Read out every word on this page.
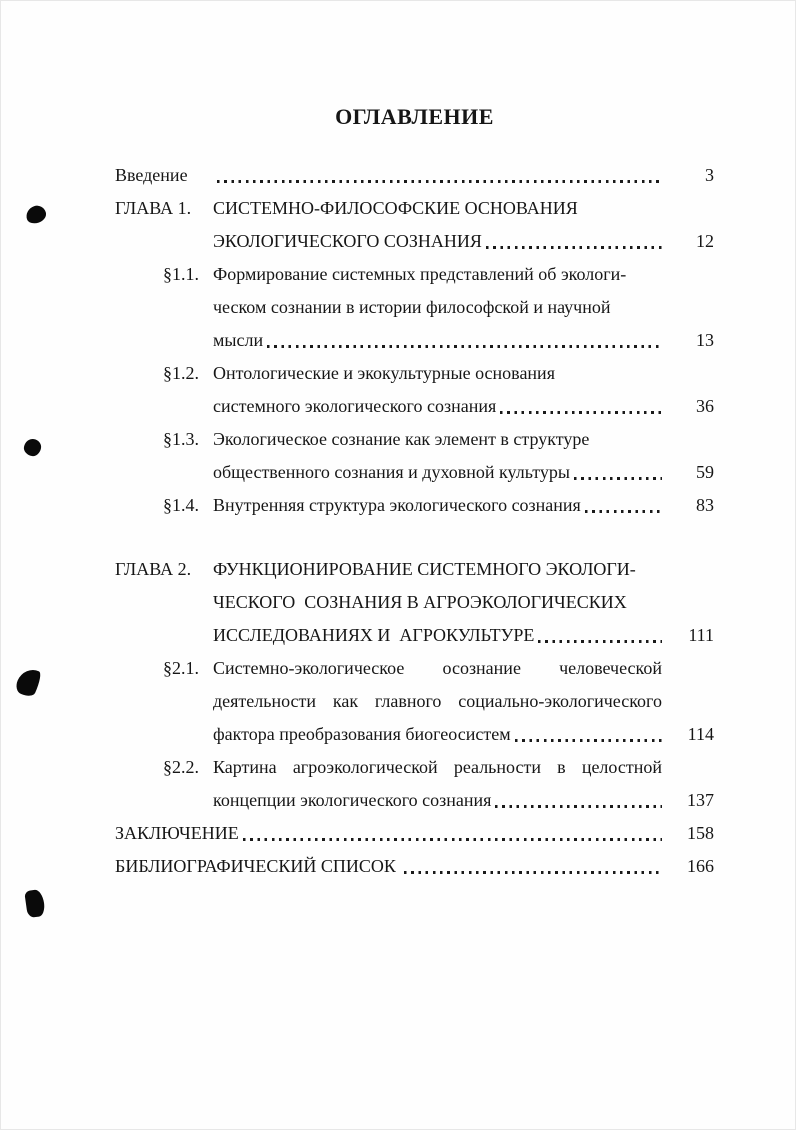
ОГЛАВЛЕНИЕ
Введение	3
ГЛАВА 1.	СИСТЕМНО-ФИЛОСОФСКИЕ ОСНОВАНИЯ
ЭКОЛОГИЧЕСКОГО СОЗНАНИЯ	12
§1.1. Формирование системных представлений об экологи-
ческом сознании в истории философской и научной
мысли	13
§1.2. Онтологические и экокультурные основания
системного экологического сознания	36
§1.3. Экологическое сознание как элемент в структуре
общественного сознания и духовной культуры	59
§1.4. Внутренняя структура экологического сознания	83
ГЛАВА 2.	ФУНКЦИОНИРОВАНИЕ СИСТЕМНОГО ЭКОЛОГИ-
ЧЕСКОГО  СОЗНАНИЯ В АГРОЭКОЛОГИЧЕСКИХ
ИССЛЕДОВАНИЯХ И  АГРОКУЛЬТУРЕ	111
§2.1. Системно-экологическое осознание человеческой
деятельности как главного социально-экологического
фактора преобразования биогеосистем	114
§2.2. Картина агроэкологической реальности в целостной
концепции экологического сознания	137
ЗАКЛЮЧЕНИЕ	158
БИБЛИОГРАФИЧЕСКИЙ СПИСОК	166
